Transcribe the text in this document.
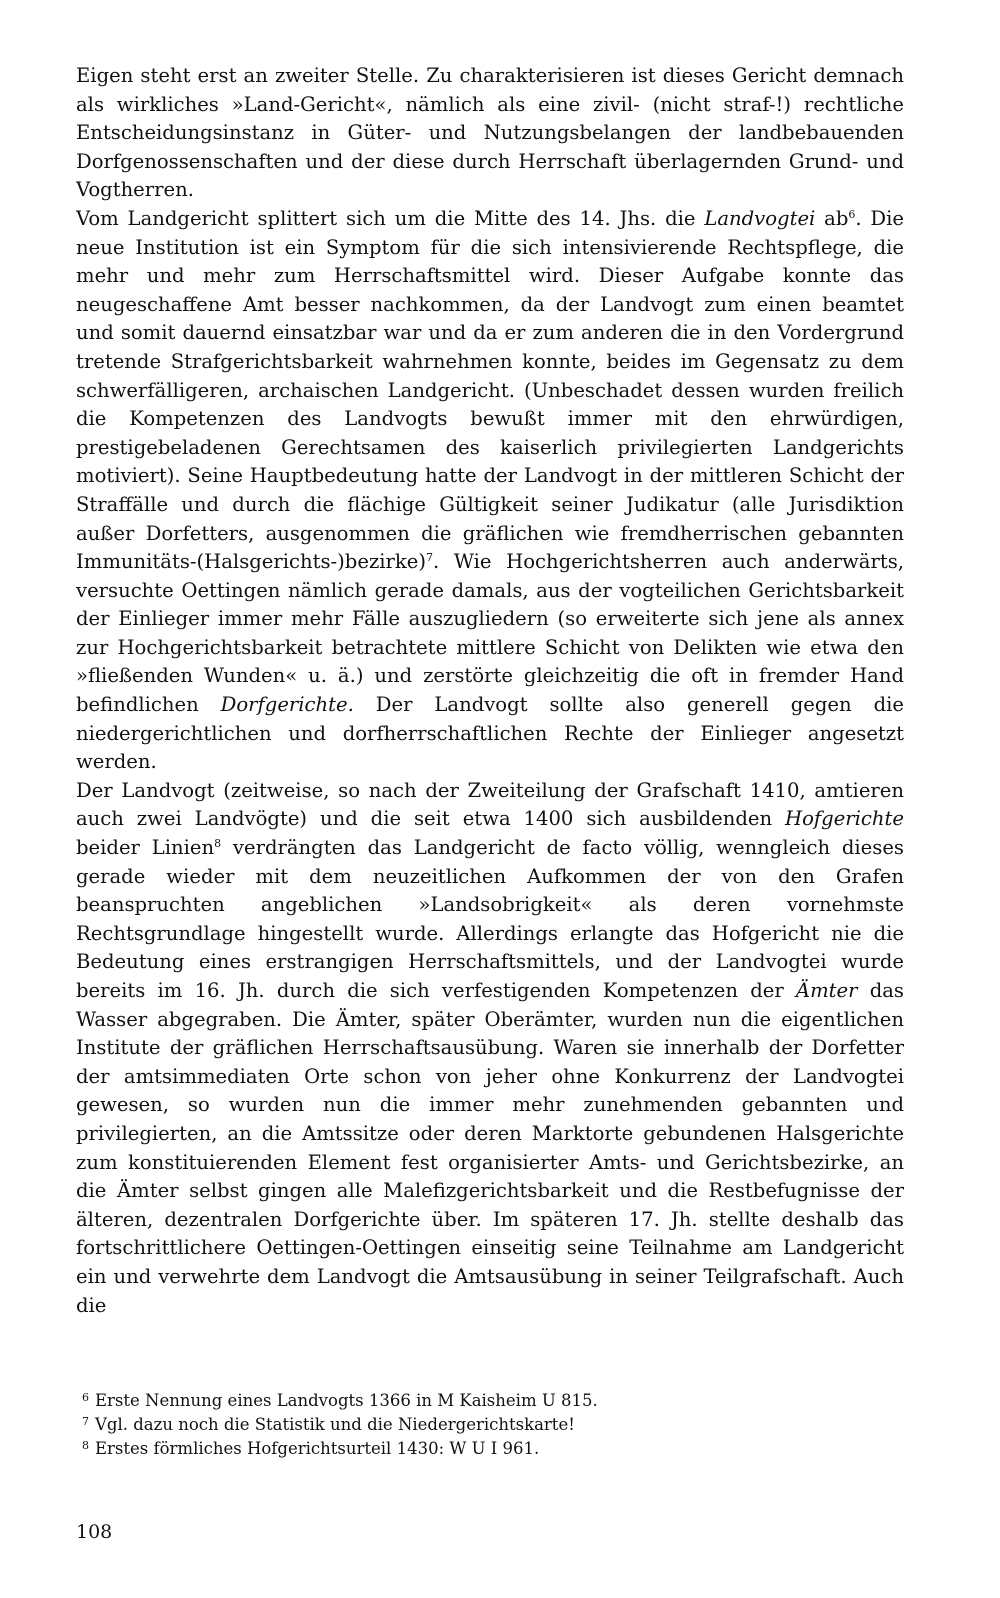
Eigen steht erst an zweiter Stelle. Zu charakterisieren ist dieses Gericht demnach als wirkliches »Land-Gericht«, nämlich als eine zivil- (nicht straf-!) rechtliche Entscheidungsinstanz in Güter- und Nutzungsbelangen der landbebauenden Dorfgenossenschaften und der diese durch Herrschaft überlagernden Grund- und Vogtherren.

Vom Landgericht splittert sich um die Mitte des 14. Jhs. die Landvogtei $ab^6$. Die neue Institution ist ein Symptom für die sich intensivierende Rechtspflege, die mehr und mehr zum Herrschaftsmittel wird. Dieser Aufgabe konnte das neugeschaffene Amt besser nachkommen, da der Landvogt zum einen beamtet und somit dauernd einsatzbar war und da er zum anderen die in den Vordergrund tretende Strafgerichtsbarkeit wahrnehmen konnte, beides im Gegensatz zu dem schwerfälligeren, archaischen Landgericht. (Unbeschadet dessen wurden freilich die Kompetenzen des Landvogts bewußt immer mit den ehrwürdigen, prestigebeladenen Gerechtsamen des kaiserlich privilegierten Landgerichts motiviert). Seine Hauptbedeutung hatte der Landvogt in der mittleren Schicht der Straffälle und durch die flächige Gültigkeit seiner Judikatur (alle Jurisdiktion außer Dorfetters, ausgenommen die gräflichen wie fremdherrischen gebannten Immunitäts-(Halsgerichts-)bezirke)$^7$. Wie Hochgerichtsherren auch anderwärts, versuchte Oettingen nämlich gerade damals, aus der vogteilichen Gerichtsbarkeit der Einlieger immer mehr Fälle auszugliedern (so erweiterte sich jene als annex zur Hochgerichtsbarkeit betrachtete mittlere Schicht von Delikten wie etwa den »fließenden Wunden« u. ä.) und zerstörte gleichzeitig die oft in fremder Hand befindlichen Dorfgerichte. Der Landvogt sollte also generell gegen die niedergerichtlichen und dorfherrschaftlichen Rechte der Einlieger angesetzt werden.

Der Landvogt (zeitweise, so nach der Zweiteilung der Grafschaft 1410, amtieren auch zwei Landvögte) und die seit etwa 1400 sich ausbildenden Hofgerichte beider Linien$^8$ verdrängten das Landgericht de facto völlig, wenngleich dieses gerade wieder mit dem neuzeitlichen Aufkommen der von den Grafen beanspruchten angeblichen »Landsobrigkeit« als deren vornehmste Rechtsgrundlage hingestellt wurde. Allerdings erlangte das Hofgericht nie die Bedeutung eines erstrangigen Herrschaftsmittels, und der Landvogtei wurde bereits im 16. Jh. durch die sich verfestigenden Kompetenzen der Ämter das Wasser abgegraben. Die Ämter, später Oberämter, wurden nun die eigentlichen Institute der gräflichen Herrschaftsausübung. Waren sie innerhalb der Dorfetter der amtsimmediaten Orte schon von jeher ohne Konkurrenz der Landvogtei gewesen, so wurden nun die immer mehr zunehmenden gebannten und privilegierten, an die Amtssitze oder deren Marktorte gebundenen Halsgerichte zum konstituierenden Element fest organisierter Amts- und Gerichtsbezirke, an die Ämter selbst gingen alle Malefizgerichtsbarkeit und die Restbefugnisse der älteren, dezentralen Dorfgerichte über. Im späteren 17. Jh. stellte deshalb das fortschrittlichere Oettingen-Oettingen einseitig seine Teilnahme am Landgericht ein und verwehrte dem Landvogt die Amtsausübung in seiner Teilgrafschaft. Auch die

$^6$ Erste Nennung eines Landvogts 1366 in M Kaisheim U 815.

$^7$ Vgl. dazu noch die Statistik und die Niedergerichtskarte!

$^8$ Erstes förmliches Hofgerichtsurteil 1430: W U I 961.

108
